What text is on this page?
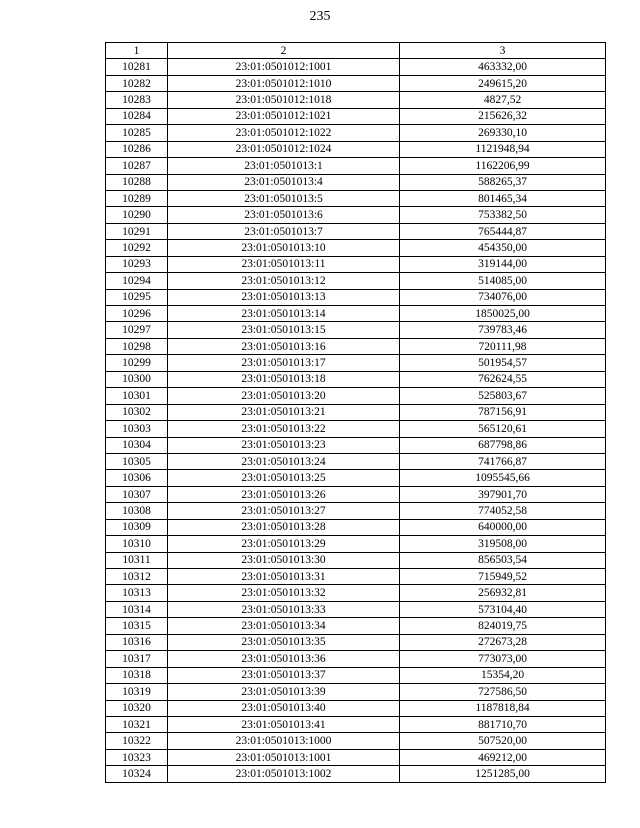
235
1	2	3
10281	23:01:0501012:1001	463332,00
10282	23:01:0501012:1010	249615,20
10283	23:01:0501012:1018	4827,52
10284	23:01:0501012:1021	215626,32
10285	23:01:0501012:1022	269330,10
10286	23:01:0501012:1024	1121948,94
10287	23:01:0501013:1	1162206,99
10288	23:01:0501013:4	588265,37
10289	23:01:0501013:5	801465,34
10290	23:01:0501013:6	753382,50
10291	23:01:0501013:7	765444,87
10292	23:01:0501013:10	454350,00
10293	23:01:0501013:11	319144,00
10294	23:01:0501013:12	514085,00
10295	23:01:0501013:13	734076,00
10296	23:01:0501013:14	1850025,00
10297	23:01:0501013:15	739783,46
10298	23:01:0501013:16	720111,98
10299	23:01:0501013:17	501954,57
10300	23:01:0501013:18	762624,55
10301	23:01:0501013:20	525803,67
10302	23:01:0501013:21	787156,91
10303	23:01:0501013:22	565120,61
10304	23:01:0501013:23	687798,86
10305	23:01:0501013:24	741766,87
10306	23:01:0501013:25	1095545,66
10307	23:01:0501013:26	397901,70
10308	23:01:0501013:27	774052,58
10309	23:01:0501013:28	640000,00
10310	23:01:0501013:29	319508,00
10311	23:01:0501013:30	856503,54
10312	23:01:0501013:31	715949,52
10313	23:01:0501013:32	256932,81
10314	23:01:0501013:33	573104,40
10315	23:01:0501013:34	824019,75
10316	23:01:0501013:35	272673,28
10317	23:01:0501013:36	773073,00
10318	23:01:0501013:37	15354,20
10319	23:01:0501013:39	727586,50
10320	23:01:0501013:40	1187818,84
10321	23:01:0501013:41	881710,70
10322	23:01:0501013:1000	507520,00
10323	23:01:0501013:1001	469212,00
10324	23:01:0501013:1002	1251285,00
